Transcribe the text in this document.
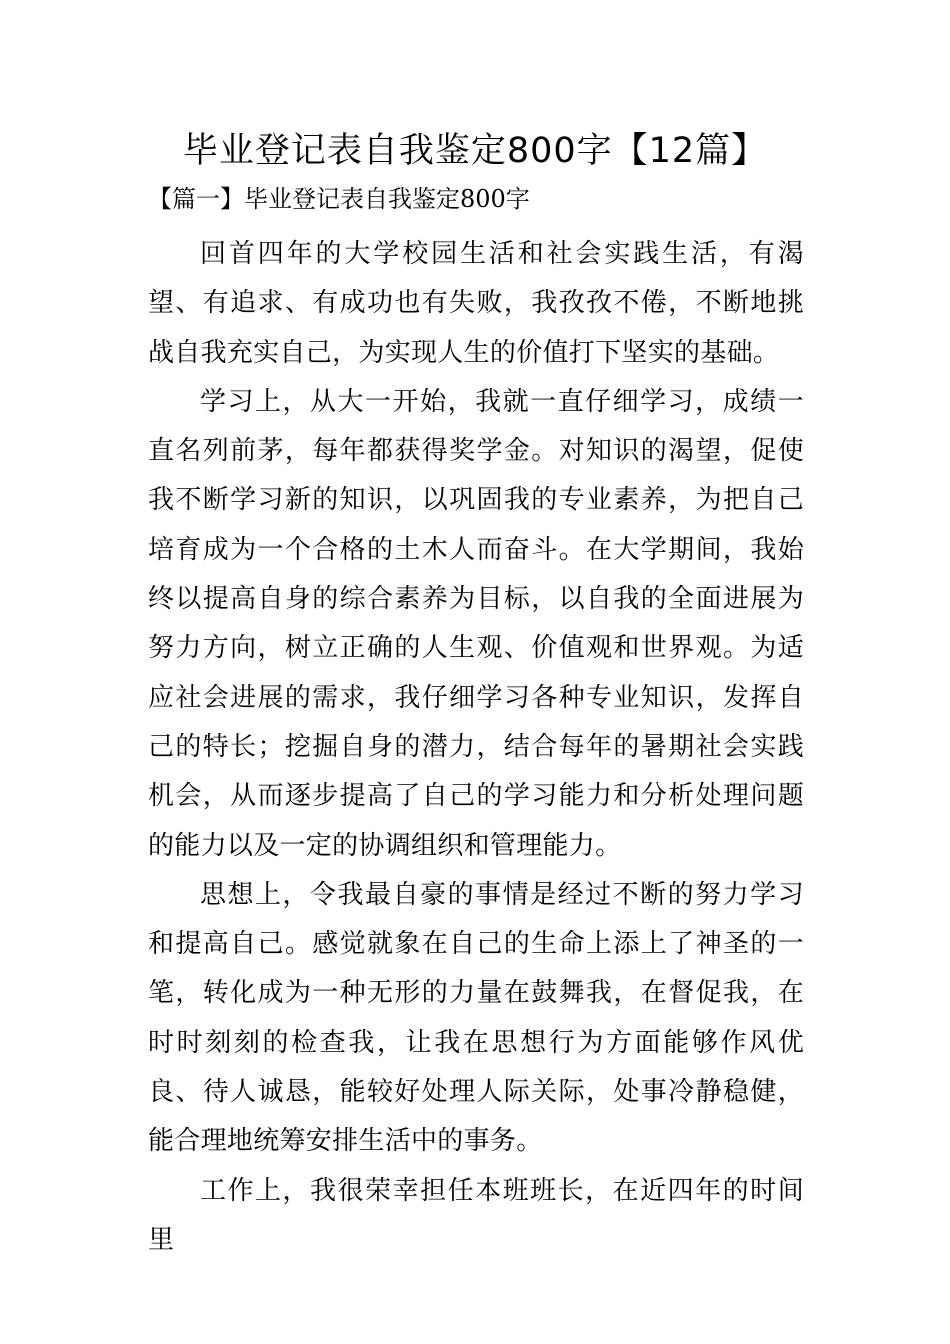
毕业登记表自我鉴定800字【12篇】
【篇一】毕业登记表自我鉴定800字

回首四年的大学校园生活和社会实践生活，有渴望、有追求、有成功也有失败，我孜孜不倦，不断地挑战自我充实自己，为实现人生的价值打下坚实的基础。

学习上，从大一开始，我就一直仔细学习，成绩一直名列前茅，每年都获得奖学金。对知识的渴望，促使我不断学习新的知识，以巩固我的专业素养，为把自己培育成为一个合格的土木人而奋斗。在大学期间，我始终以提高自身的综合素养为目标，以自我的全面进展为努力方向，树立正确的人生观、价值观和世界观。为适应社会进展的需求，我仔细学习各种专业知识，发挥自己的特长；挖掘自身的潜力，结合每年的暑期社会实践机会，从而逐步提高了自己的学习能力和分析处理问题的能力以及一定的协调组织和管理能力。

思想上，令我最自豪的事情是经过不断的努力学习和提高自己。感觉就象在自己的生命上添上了神圣的一笔，转化成为一种无形的力量在鼓舞我，在督促我，在时时刻刻的检查我，让我在思想行为方面能够作风优良、待人诚恳，能较好处理人际关际，处事冷静稳健，能合理地统筹安排生活中的事务。

工作上，我很荣幸担任本班班长，在近四年的时间里
